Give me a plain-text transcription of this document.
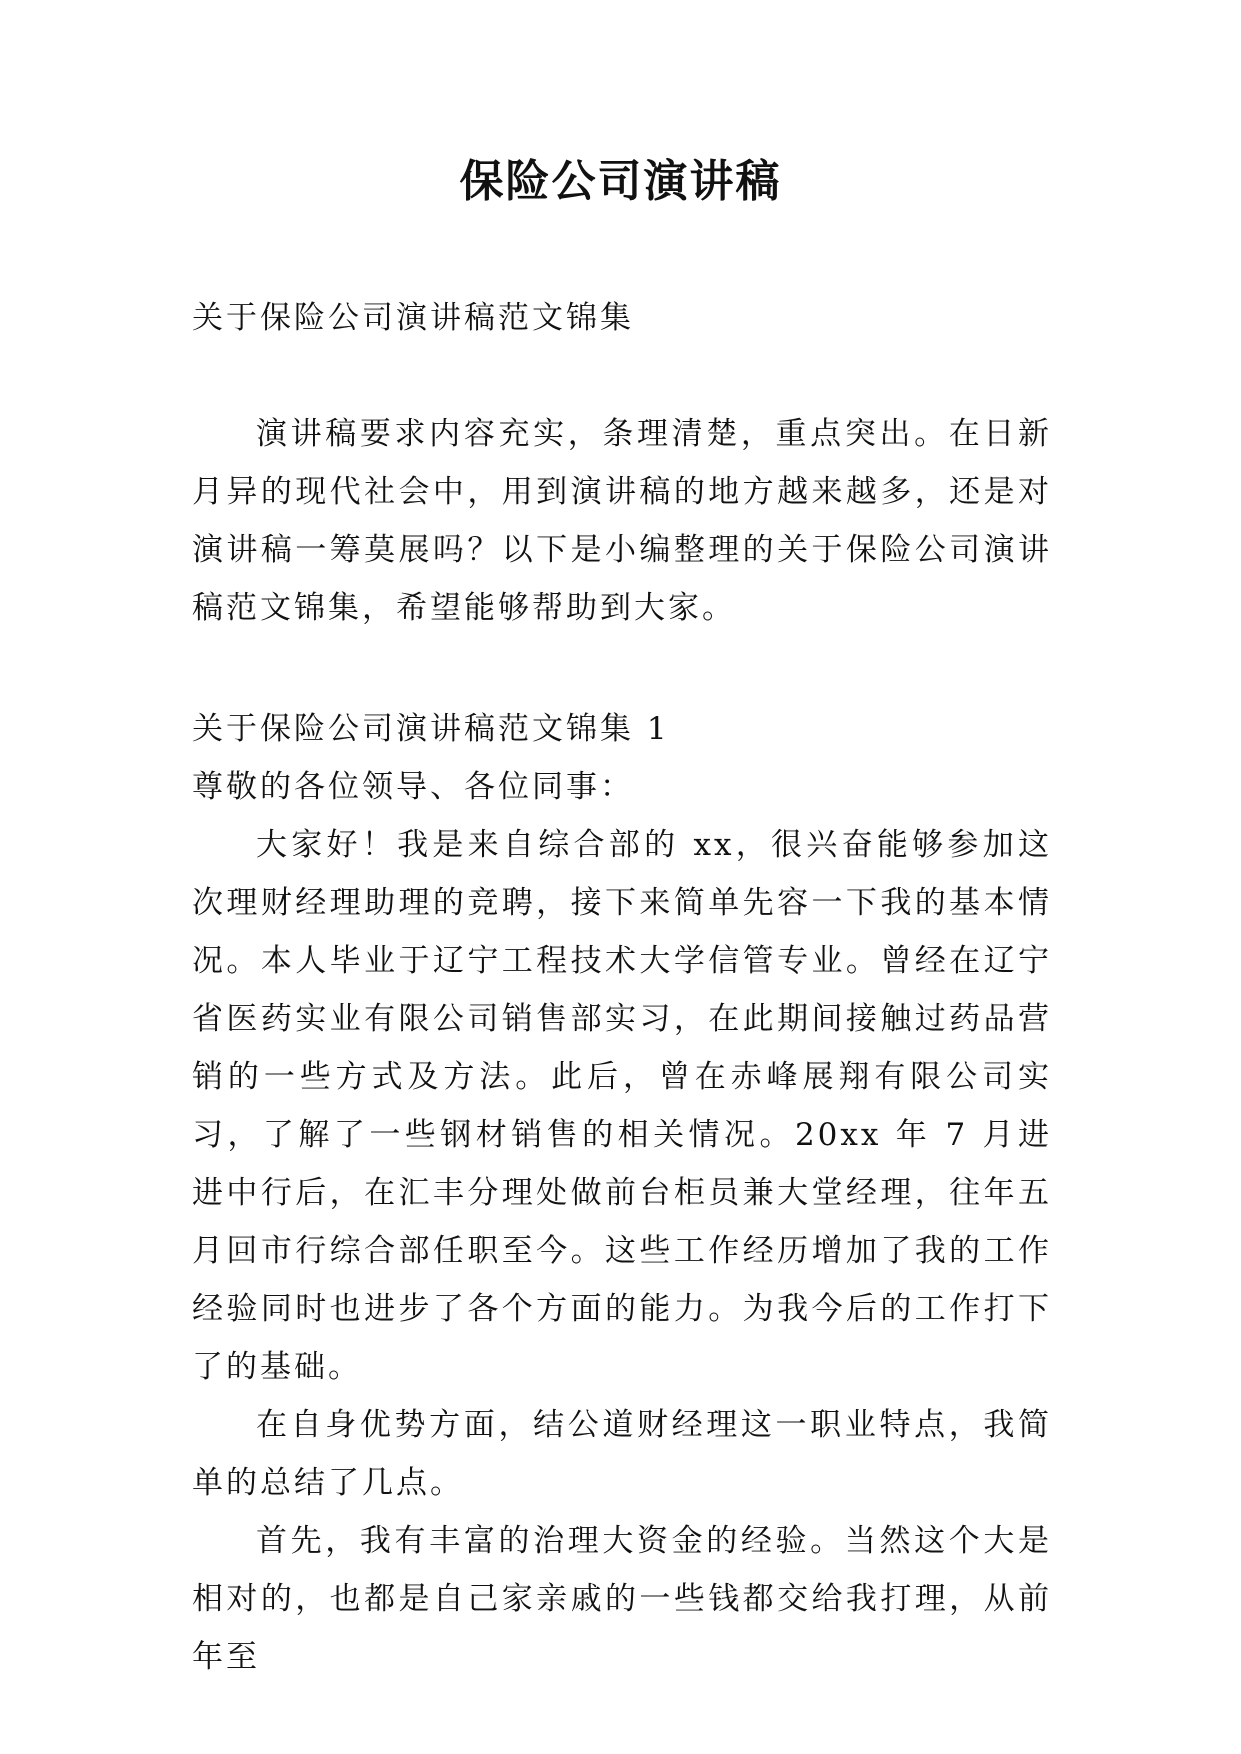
保险公司演讲稿

关于保险公司演讲稿范文锦集

演讲稿要求内容充实，条理清楚，重点突出。在日新月异的现代社会中，用到演讲稿的地方越来越多，还是对演讲稿一筹莫展吗？以下是小编整理的关于保险公司演讲稿范文锦集，希望能够帮助到大家。

关于保险公司演讲稿范文锦集 1

尊敬的各位领导、各位同事：

大家好！我是来自综合部的 xx，很兴奋能够参加这次理财经理助理的竞聘，接下来简单先容一下我的基本情况。本人毕业于辽宁工程技术大学信管专业。曾经在辽宁省医药实业有限公司销售部实习，在此期间接触过药品营销的一些方式及方法。此后，曾在赤峰展翔有限公司实习，了解了一些钢材销售的相关情况。20xx 年 7 月进进中行后，在汇丰分理处做前台柜员兼大堂经理，往年五月回市行综合部任职至今。这些工作经历增加了我的工作经验同时也进步了各个方面的能力。为我今后的工作打下了的基础。

在自身优势方面，结公道财经理这一职业特点，我简单的总结了几点。

首先，我有丰富的治理大资金的经验。当然这个大是相对的，也都是自己家亲戚的一些钱都交给我打理，从前年至
